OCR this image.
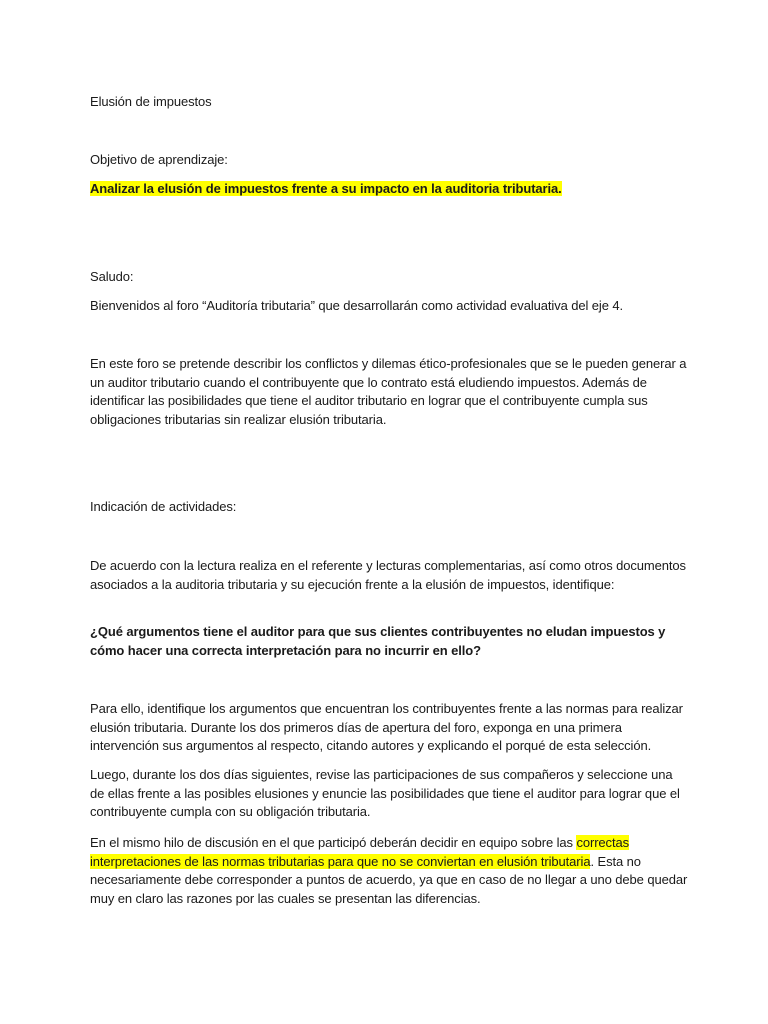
Elusión de impuestos

Objetivo de aprendizaje:

Analizar la elusión de impuestos frente a su impacto en la auditoria tributaria.

Saludo:

Bienvenidos al foro “Auditoría tributaria” que desarrollarán como actividad evaluativa del eje 4.

En este foro se pretende describir los conflictos y dilemas ético-profesionales que se le pueden generar a un auditor tributario cuando el contribuyente que lo contrato está eludiendo impuestos. Además de identificar las posibilidades que tiene el auditor tributario en lograr que el contribuyente cumpla sus obligaciones tributarias sin realizar elusión tributaria.

Indicación de actividades:

De acuerdo con la lectura realiza en el referente y lecturas complementarias, así como otros documentos asociados a la auditoria tributaria y su ejecución frente a la elusión de impuestos, identifique:

¿Qué argumentos tiene el auditor para que sus clientes contribuyentes no eludan impuestos y cómo hacer una correcta interpretación para no incurrir en ello?

Para ello, identifique los argumentos que encuentran los contribuyentes frente a las normas para realizar elusión tributaria. Durante los dos primeros días de apertura del foro, exponga en una primera intervención sus argumentos al respecto, citando autores y explicando el porqué de esta selección.

Luego, durante los dos días siguientes, revise las participaciones de sus compañeros y seleccione una de ellas frente a las posibles elusiones y enuncie las posibilidades que tiene el auditor para lograr que el contribuyente cumpla con su obligación tributaria.

En el mismo hilo de discusión en el que participó deberán decidir en equipo sobre las correctas interpretaciones de las normas tributarias para que no se conviertan en elusión tributaria. Esta no necesariamente debe corresponder a puntos de acuerdo, ya que en caso de no llegar a uno debe quedar muy en claro las razones por las cuales se presentan las diferencias.
